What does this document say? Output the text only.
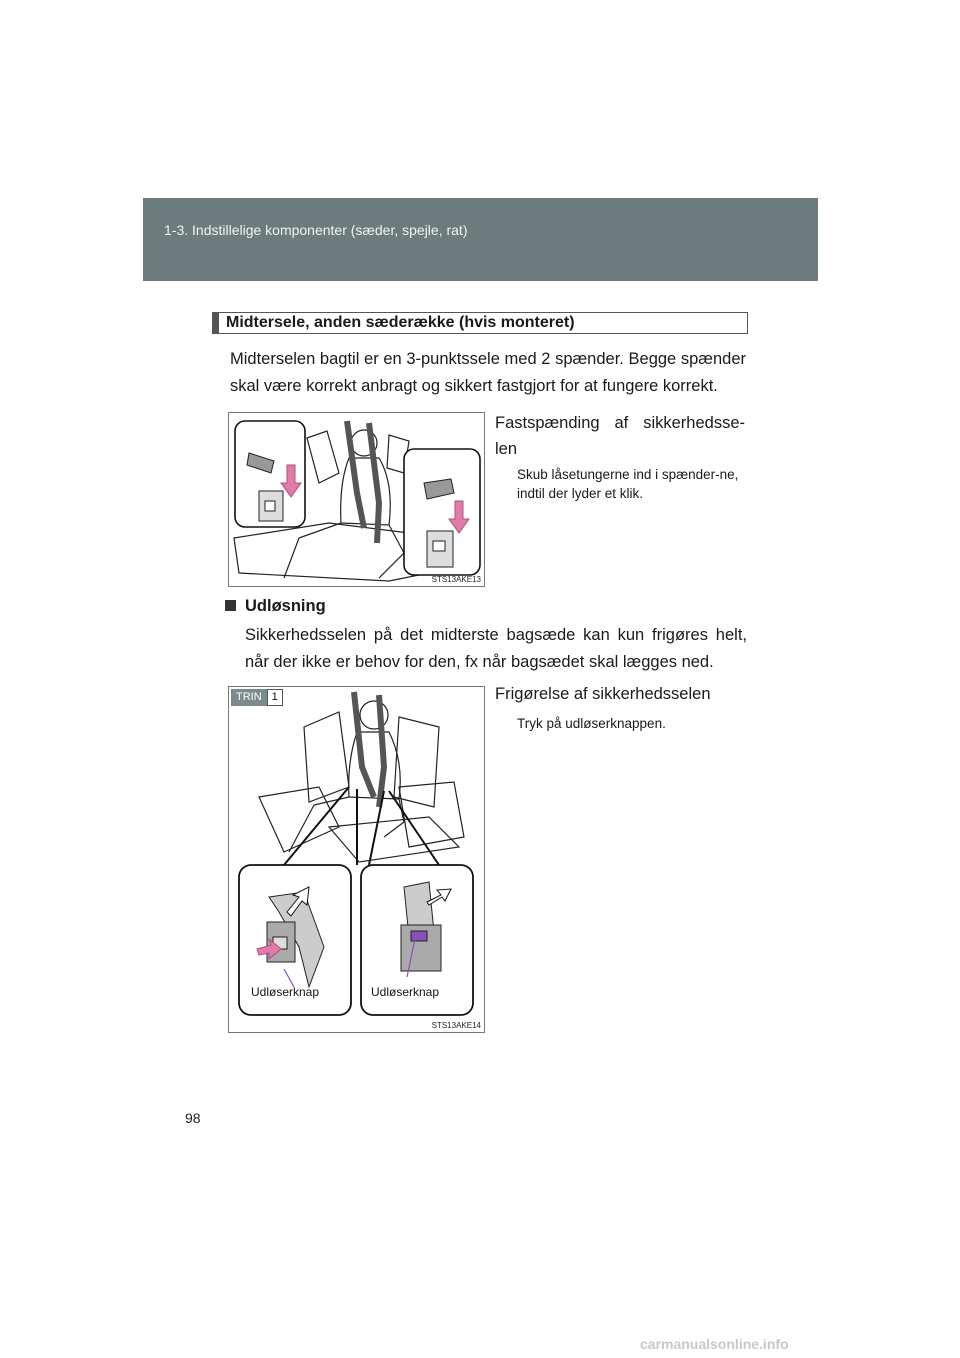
1-3. Indstillelige komponenter (sæder, spejle, rat)
Midtersele, anden sæderække (hvis monteret)
Midterselen bagtil er en 3-punktssele med 2 spænder. Begge spænder skal være korrekt anbragt og sikkert fastgjort for at fungere korrekt.
STS13AKE13
Fastspænding af sikkerhedsse-len
Skub låsetungerne ind i spænder-ne, indtil der lyder et klik.
Udløsning
Sikkerhedsselen på det midterste bagsæde kan kun frigøres helt, når der ikke er behov for den, fx når bagsædet skal lægges ned.
TRIN 1
Udløserknap	Udløserknap
STS13AKE14
Frigørelse af sikkerhedsselen
Tryk på udløserknappen.
98
carmanualsonline.info
